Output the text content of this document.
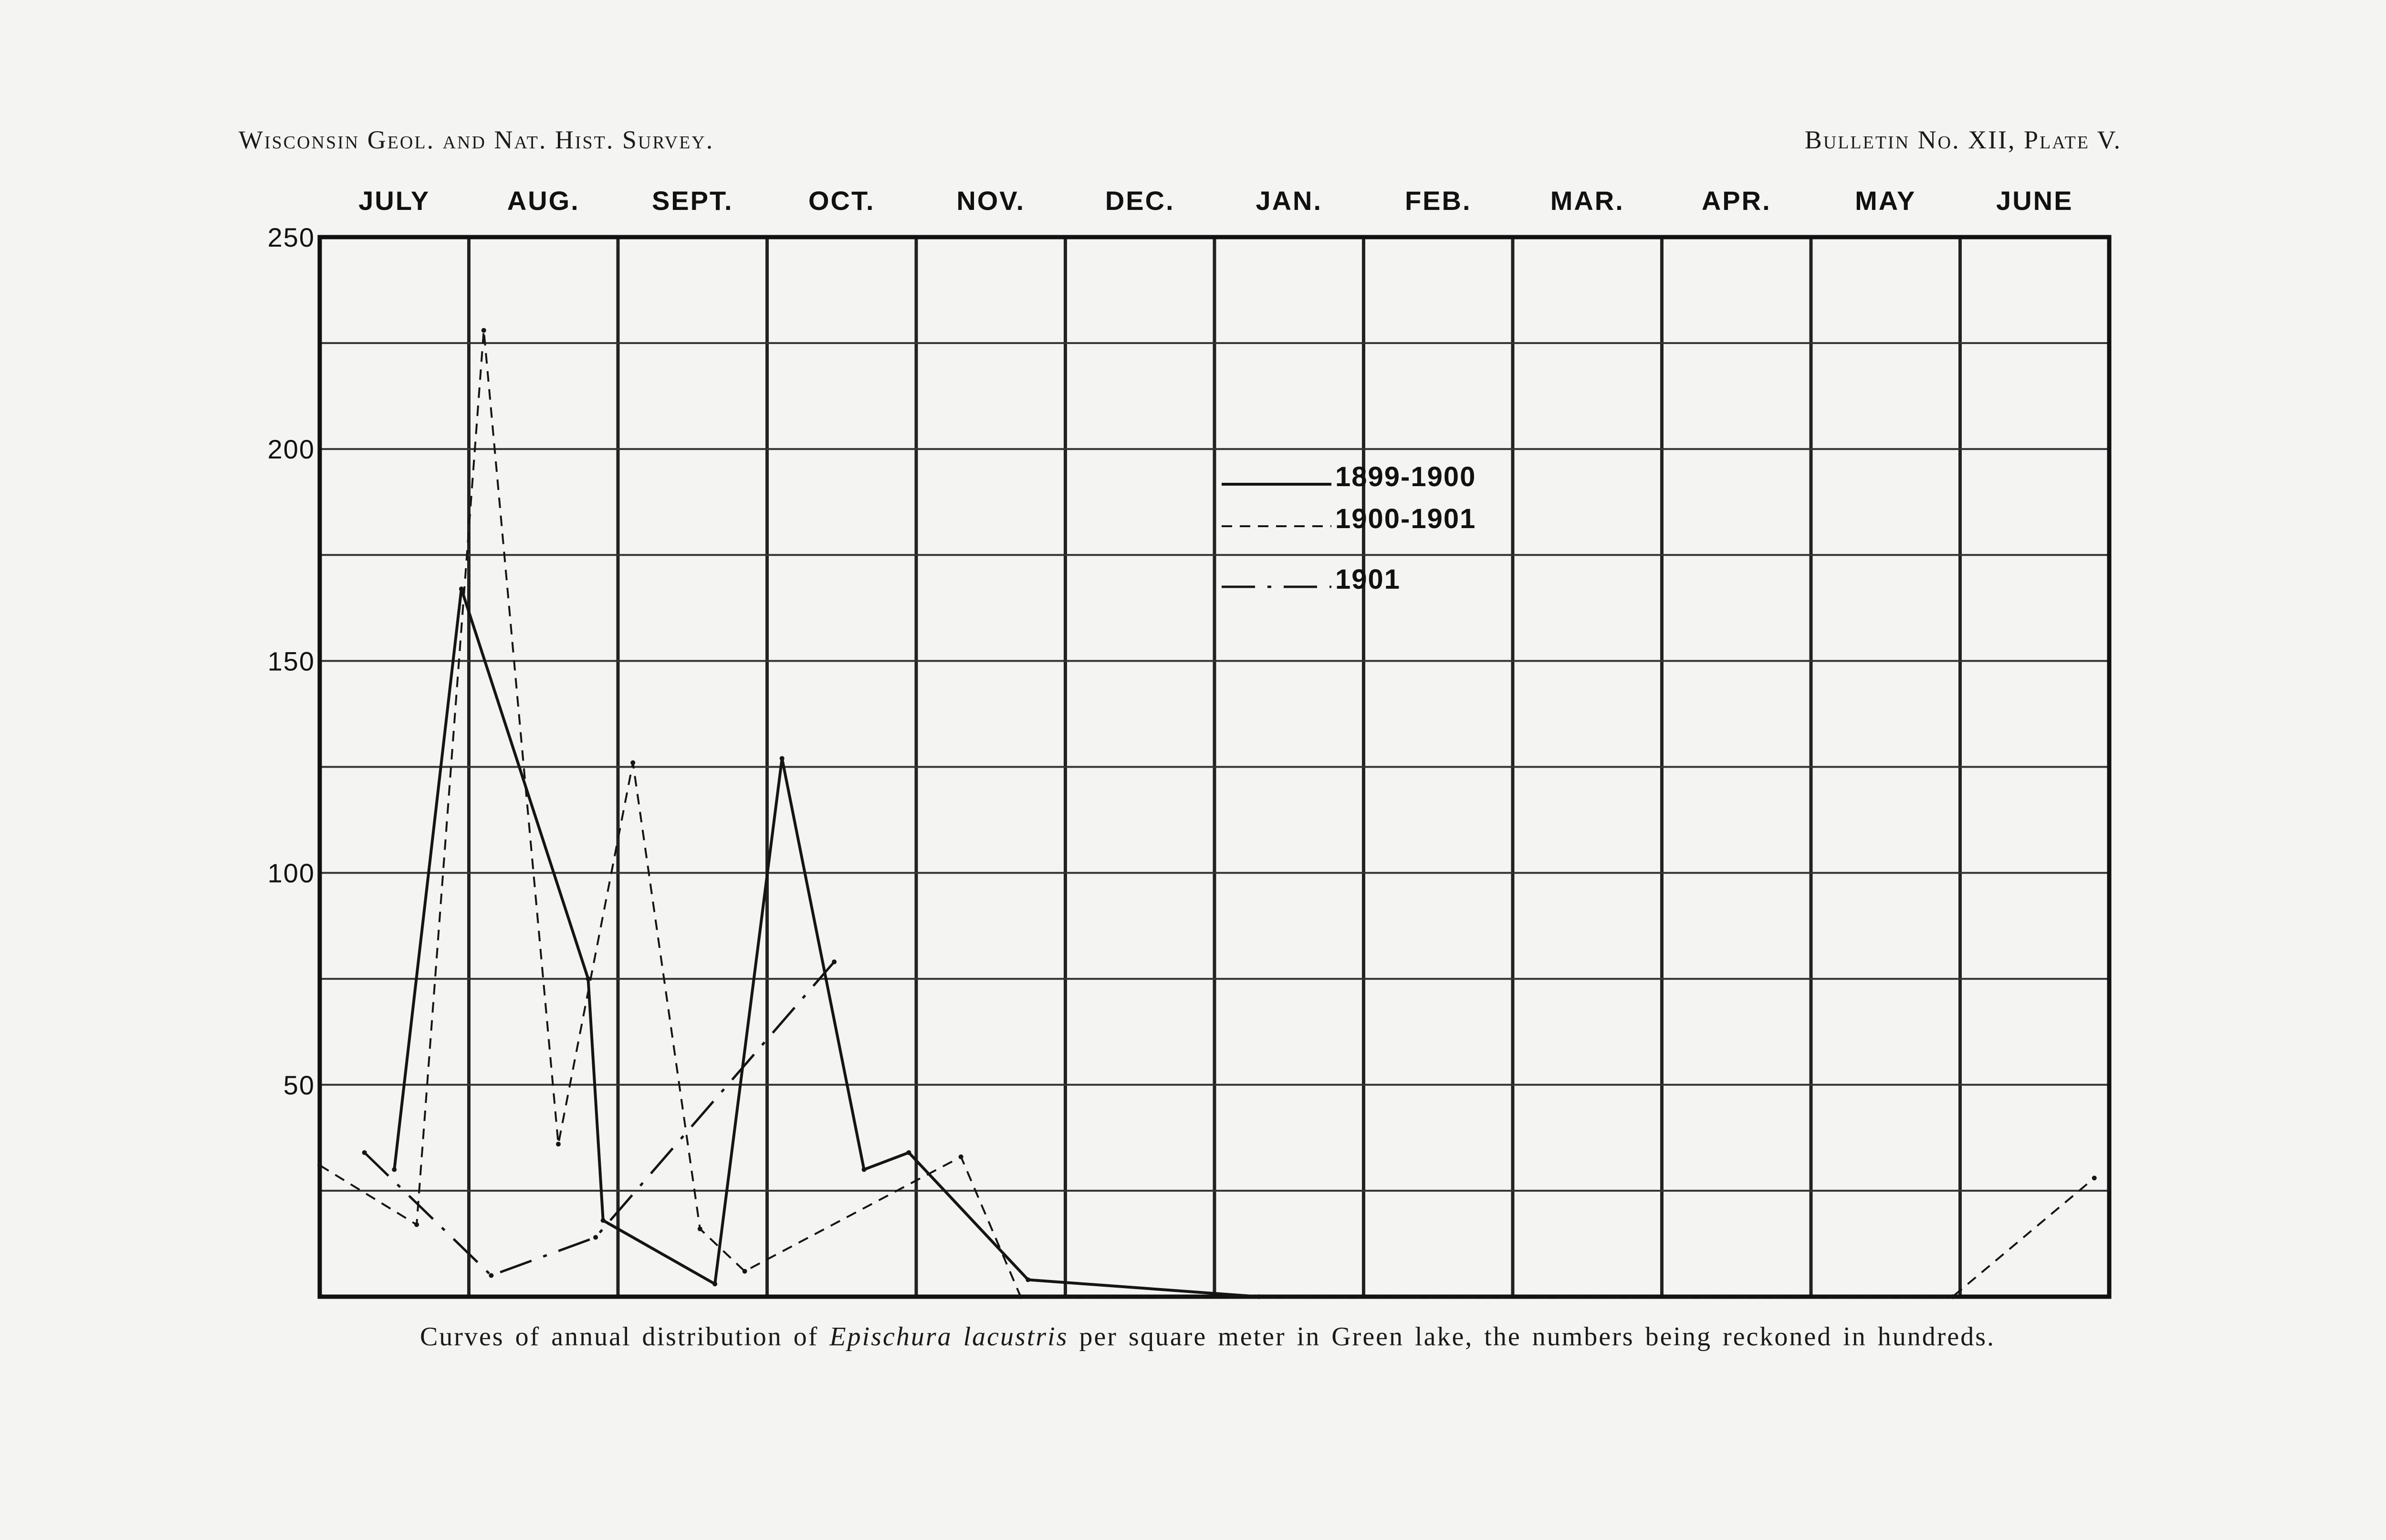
Wisconsin Geol. and Nat. Hist. Survey.	Bulletin No. XII, Plate V.
JULY	AUG.	SEPT.	OCT.	NOV.	DEC.	JAN.	FEB.	MAR.	APR.	MAY	JUNE
50
100
150
200
250
1899-1900
1900-1901
1901
Curves of annual distribution of Epischura lacustris per square meter in Green lake, the numbers being reckoned in hundreds.
